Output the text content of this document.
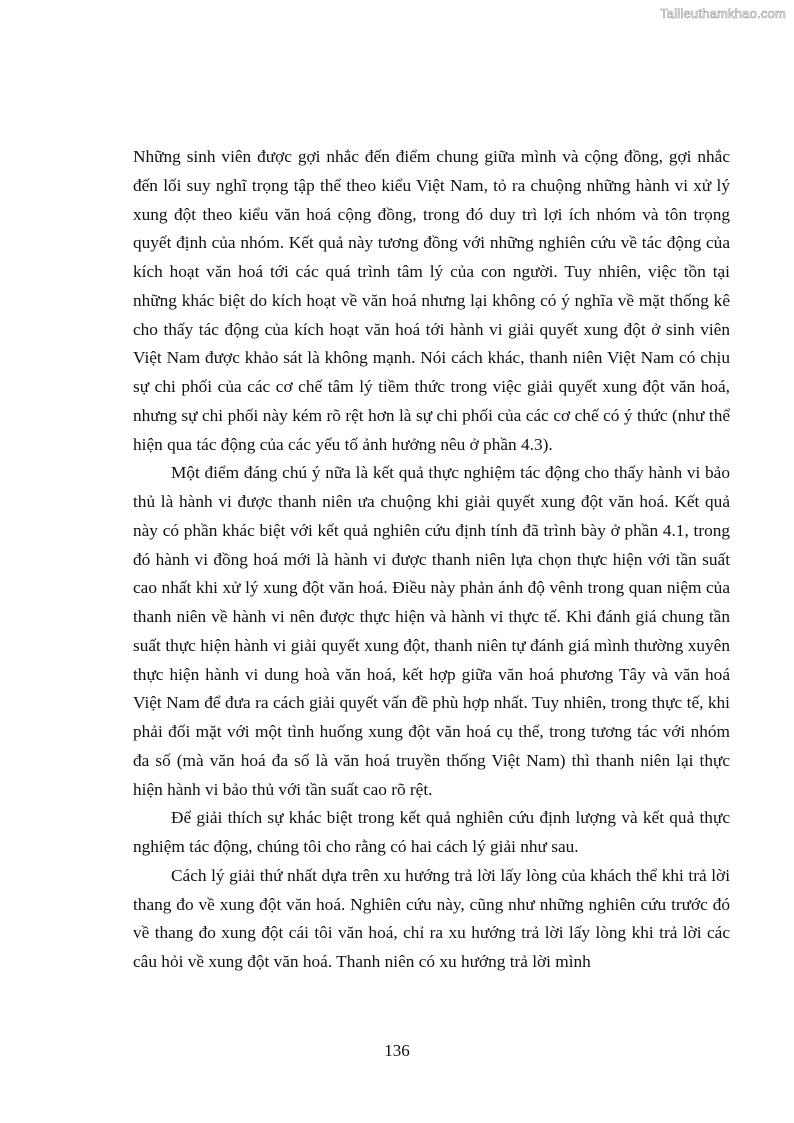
Tailieuthamkhao.com

Những sinh viên được gợi nhắc đến điểm chung giữa mình và cộng đồng, gợi nhắc đến lối suy nghĩ trọng tập thể theo kiểu Việt Nam, tỏ ra chuộng những hành vi xử lý xung đột theo kiểu văn hoá cộng đồng, trong đó duy trì lợi ích nhóm và tôn trọng quyết định của nhóm. Kết quả này tương đồng với những nghiên cứu về tác động của kích hoạt văn hoá tới các quá trình tâm lý của con người. Tuy nhiên, việc tồn tại những khác biệt do kích hoạt về văn hoá nhưng lại không có ý nghĩa về mặt thống kê cho thấy tác động của kích hoạt văn hoá tới hành vi giải quyết xung đột ở sinh viên Việt Nam được khảo sát là không mạnh. Nói cách khác, thanh niên Việt Nam có chịu sự chi phối của các cơ chế tâm lý tiềm thức trong việc giải quyết xung đột văn hoá, nhưng sự chi phối này kém rõ rệt hơn là sự chi phối của các cơ chế có ý thức (như thể hiện qua tác động của các yếu tố ảnh hưởng nêu ở phần 4.3).

Một điểm đáng chú ý nữa là kết quả thực nghiệm tác động cho thấy hành vi bảo thủ là hành vi được thanh niên ưa chuộng khi giải quyết xung đột văn hoá. Kết quả này có phần khác biệt với kết quả nghiên cứu định tính đã trình bày ở phần 4.1, trong đó hành vi đồng hoá mới là hành vi được thanh niên lựa chọn thực hiện với tần suất cao nhất khi xử lý xung đột văn hoá. Điều này phản ánh độ vênh trong quan niệm của thanh niên về hành vi nên được thực hiện và hành vi thực tế. Khi đánh giá chung tần suất thực hiện hành vi giải quyết xung đột, thanh niên tự đánh giá mình thường xuyên thực hiện hành vi dung hoà văn hoá, kết hợp giữa văn hoá phương Tây và văn hoá Việt Nam để đưa ra cách giải quyết vấn đề phù hợp nhất. Tuy nhiên, trong thực tế, khi phải đối mặt với một tình huống xung đột văn hoá cụ thể, trong tương tác với nhóm đa số (mà văn hoá đa số là văn hoá truyền thống Việt Nam) thì thanh niên lại thực hiện hành vi bảo thủ với tần suất cao rõ rệt.

Để giải thích sự khác biệt trong kết quả nghiên cứu định lượng và kết quả thực nghiệm tác động, chúng tôi cho rằng có hai cách lý giải như sau.

Cách lý giải thứ nhất dựa trên xu hướng trả lời lấy lòng của khách thể khi trả lời thang đo về xung đột văn hoá. Nghiên cứu này, cũng như những nghiên cứu trước đó về thang đo xung đột cái tôi văn hoá, chỉ ra xu hướng trả lời lấy lòng khi trả lời các câu hỏi về xung đột văn hoá. Thanh niên có xu hướng trả lời mình

136
